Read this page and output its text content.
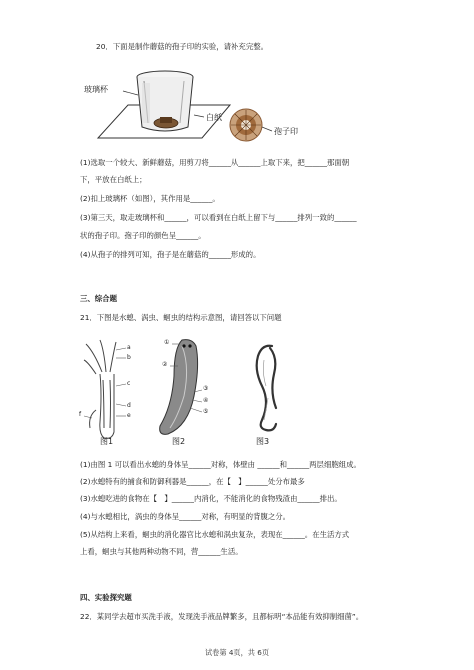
20．下面是制作蘑菇的孢子印的实验，请补充完整。
玻璃杯
白纸
孢子印
(1)选取一个较大、新鲜蘑菇，用剪刀将______从______上取下来，把______那面朝
下，平放在白纸上；
(2)扣上玻璃杯（如图），其作用是______。
(3)第三天，取走玻璃杯和______，可以看到在白纸上留下与______排列一致的______
状的孢子印。孢子印的颜色呈______。
(4)从孢子的排列可知，孢子是在蘑菇的______形成的。
三、综合题
21．下图是水螅、涡虫、蛔虫的结构示意图，请回答以下问题
a
b
c
d
e
f
图1
①
②
③
④
⑤
图2	图3
(1)由图 1 可以看出水螅的身体呈______对称，体壁由 ______和______两层细胞组成。
(2)水螅特有的捕食和防御利器是______，在【　】______处分布最多
(3)水螅吃进的食物在【　】______内消化，不能消化的食物残渣由______排出。
(4)与水螅相比，涡虫的身体呈______对称，有明显的背腹之分。
(5)从结构上来看，蛔虫的消化器官比水螅和涡虫复杂，表现在______。在生活方式
上看，蛔虫与其他两种动物不同，营______生活。
四、实验探究题
22．某同学去超市买洗手液，发现洗手液品牌繁多，且都标明“本品能有效抑制细菌”。
试卷第 4页，共 6页
